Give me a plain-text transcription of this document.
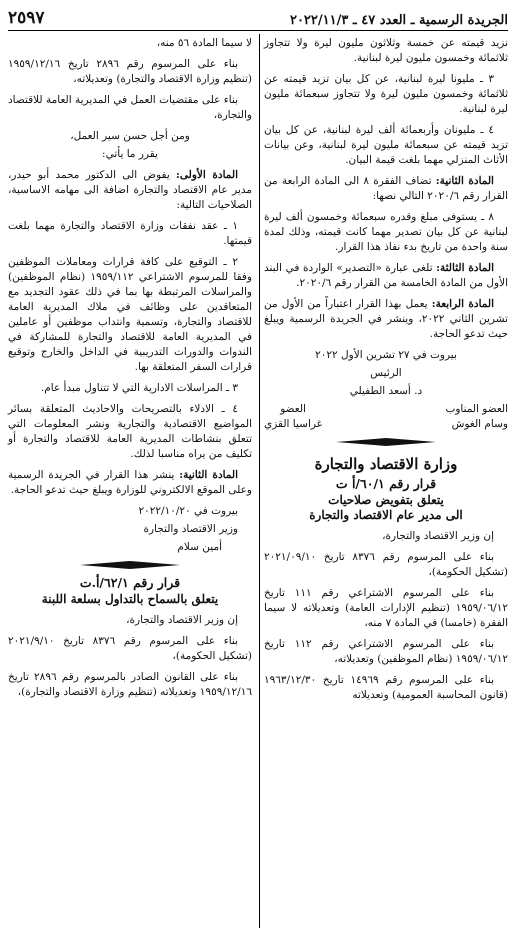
الجريدة الرسمية ـ العدد ٤٧ ـ ٢٠٢٢/١١/٣
٢٥٩٧

نزيد قيمته عن خمسة وثلاثون مليون ليرة ولا تتجاوز ثلاثمائة وخمسون مليون ليرة لبنانية.

٣ ـ مليونا ليرة لبنانية، عن كل بيان تزيد قيمته عن ثلاثمائة وخمسون مليون ليرة ولا تتجاوز سبعمائة مليون ليرة لبنانية.

٤ ـ مليونان وأربعمائة ألف ليرة لبنانية، عن كل بيان تزيد قيمته عن سبعمائة مليون ليرة لبنانية، وعن بيانات الأثاث المنزلي مهما بلغت قيمة البيان.

المادة الثانية: تضاف الفقرة ٨ الى المادة الرابعة من القرار رقم ٢٠٢٠/٦ التالي نصها:

٨ ـ يستوفى مبلغ وقدره سبعمائة وخمسون ألف ليرة لبنانية عن كل بيان تصدير مهما كانت قيمته، وذلك لمدة سنة واحدة من تاريخ بدء نفاذ هذا القرار.

المادة الثالثة: تلغى عبارة «التصدير» الواردة في البند الأول من المادة الخامسة من القرار رقم ٢٠٢٠/٦.

المادة الرابعة: يعمل بهذا القرار اعتباراً من الأول من تشرين الثاني ٢٠٢٢، وينشر في الجريدة الرسمية ويبلغ حيث تدعو الحاجة.

بيروت في ٢٧ تشرين الأول ٢٠٢٢

الرئيس

د. أسعد الطفيلي

العضو المناوب
وسام الغوش
العضو
غراسيا القزي
وزارة الاقتصاد والتجارة
قرار رقم ٦٠/١/أ ت
يتعلق بتفويض صلاحيات
الى مدير عام الاقتصاد والتجارة

إن وزير الاقتصاد والتجارة،

بناء على المرسوم رقم ٨٣٧٦ تاريخ ٢٠٢١/٠٩/١٠ (تشكيل الحكومة)،

بناء على المرسوم الاشتراعي رقم ١١١ تاريخ ١٩٥٩/٠٦/١٢ (تنظيم الإدارات العامة) وتعديلاته لا سيما الفقرة (خامسا) في المادة ٧ منه،

بناء على المرسوم الاشتراعي رقم ١١٢ تاريخ ١٩٥٩/٠٦/١٢ (نظام الموظفين) وتعديلاته،

بناء على المرسوم رقم ١٤٩٦٩ تاريخ ١٩٦٣/١٢/٣٠ (قانون المحاسبة العمومية) وتعديلاته

لا سيما المادة ٥٦ منه،

بناء على المرسوم رقم ٢٨٩٦ تاريخ ١٩٥٩/١٢/١٦ (تنظيم وزارة الاقتصاد والتجارة) وتعديلاته،

بناء على مقتضيات العمل في المديرية العامة للاقتصاد والتجارة،

ومن أجل حسن سير العمل،

يقرر ما يأتي:

المادة الأولى: يفوض الى الدكتور محمد أبو حيدر، مدير عام الاقتصاد والتجارة اضافة الى مهامه الاساسية، الصلاحيات التالية:

١ ـ عقد نفقات وزارة الاقتصاد والتجارة مهما بلغت قيمتها.

٢ ـ التوقيع على كافة قرارات ومعاملات الموظفين وفقا للمرسوم الاشتراعي ١٩٥٩/١١٢ (نظام الموظفين) والمراسلات المرتبطة بها بما في ذلك عقود التجديد مع المتعاقدين على وظائف في ملاك المديرية العامة للاقتصاد والتجارة، وتسمية وانتداب موظفين أو عاملين في المديرية العامة للاقتصاد والتجارة للمشاركة في الندوات والدورات التدريبية في الداخل والخارج وتوقيع قرارات السفر المتعلقة بها.

٣ ـ المراسلات الادارية التي لا تتناول مبدأ عام.

٤ ـ الادلاء بالتصريحات والاحاديث المتعلقة بسائر المواضيع الاقتصادية والتجارية ونشر المعلومات التي تتعلق بنشاطات المديرية العامة للاقتصاد والتجارة أو تكليف من يراه مناسبا لذلك.

المادة الثانية: ينشر هذا القرار في الجريدة الرسمية وعلى الموقع الالكتروني للوزارة ويبلغ حيث تدعو الحاجة.

بيروت في ٢٠٢٢/١٠/٢٠

وزير الاقتصاد والتجارة

أمين سلام

قرار رقم ٦٢/١/أ.ت
يتعلق بالسماح بالتداول بسلعة اللبنة

إن وزير الاقتصاد والتجارة،

بناء على المرسوم رقم ٨٣٧٦ تاريخ ٢٠٢١/٩/١٠ (تشكيل الحكومة)،

بناء على القانون الصادر بالمرسوم رقم ٢٨٩٦ تاريخ ١٩٥٩/١٢/١٦ وتعديلاته (تنظيم وزارة الاقتصاد والتجارة)،
